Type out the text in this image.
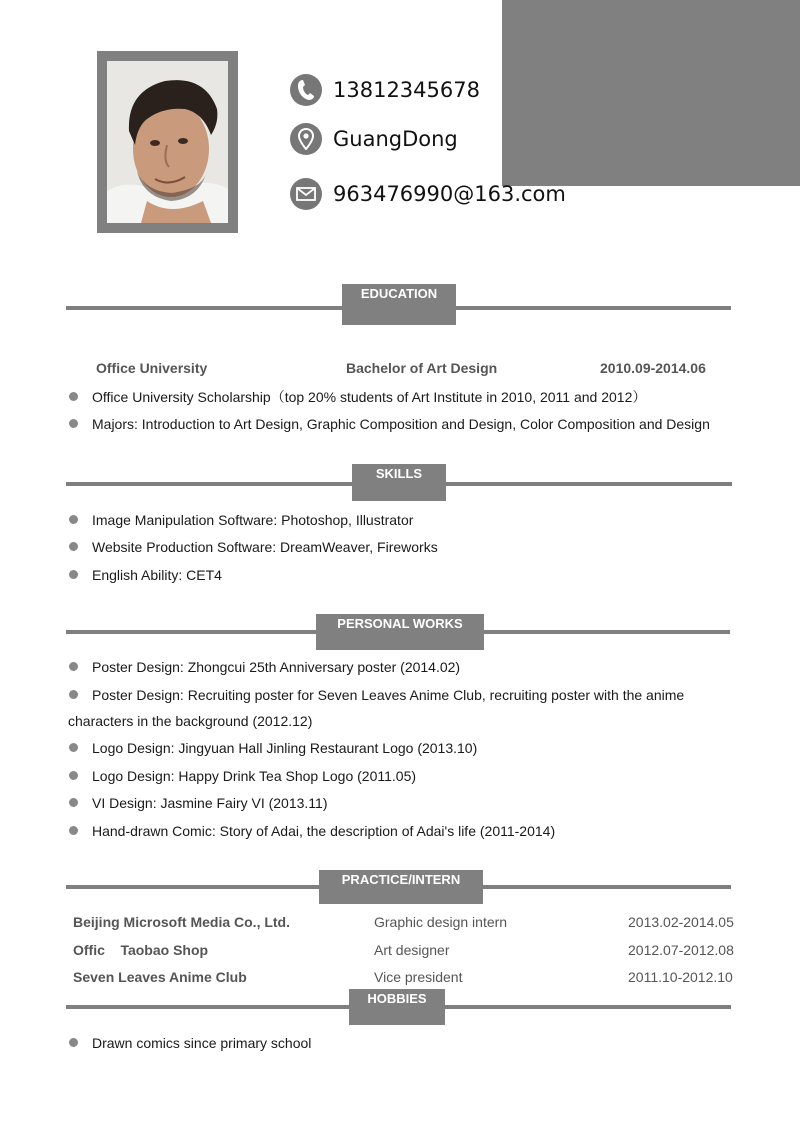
13812345678
GuangDong
963476990@163.com
EDUCATION
Office University	Bachelor of Art Design	2010.09-2014.06
Office University Scholarship（top 20% students of Art Institute in 2010, 2011 and 2012）
Majors: Introduction to Art Design, Graphic Composition and Design, Color Composition and Design
SKILLS
Image Manipulation Software: Photoshop, Illustrator
Website Production Software: DreamWeaver, Fireworks
English Ability: CET4
PERSONAL WORKS
Poster Design: Zhongcui 25th Anniversary poster (2014.02)
Poster Design: Recruiting poster for Seven Leaves Anime Club, recruiting poster with the anime
characters in the background (2012.12)
Logo Design: Jingyuan Hall Jinling Restaurant Logo (2013.10)
Logo Design: Happy Drink Tea Shop Logo (2011.05)
VI Design: Jasmine Fairy VI (2013.11)
Hand-drawn Comic: Story of Adai, the description of Adai's life (2011-2014)
PRACTICE/INTERN
Beijing Microsoft Media Co., Ltd.	Graphic design intern	2013.02-2014.05
Offic    Taobao Shop	Art designer	2012.07-2012.08
Seven Leaves Anime Club	Vice president	2011.10-2012.10
HOBBIES
Drawn comics since primary school
